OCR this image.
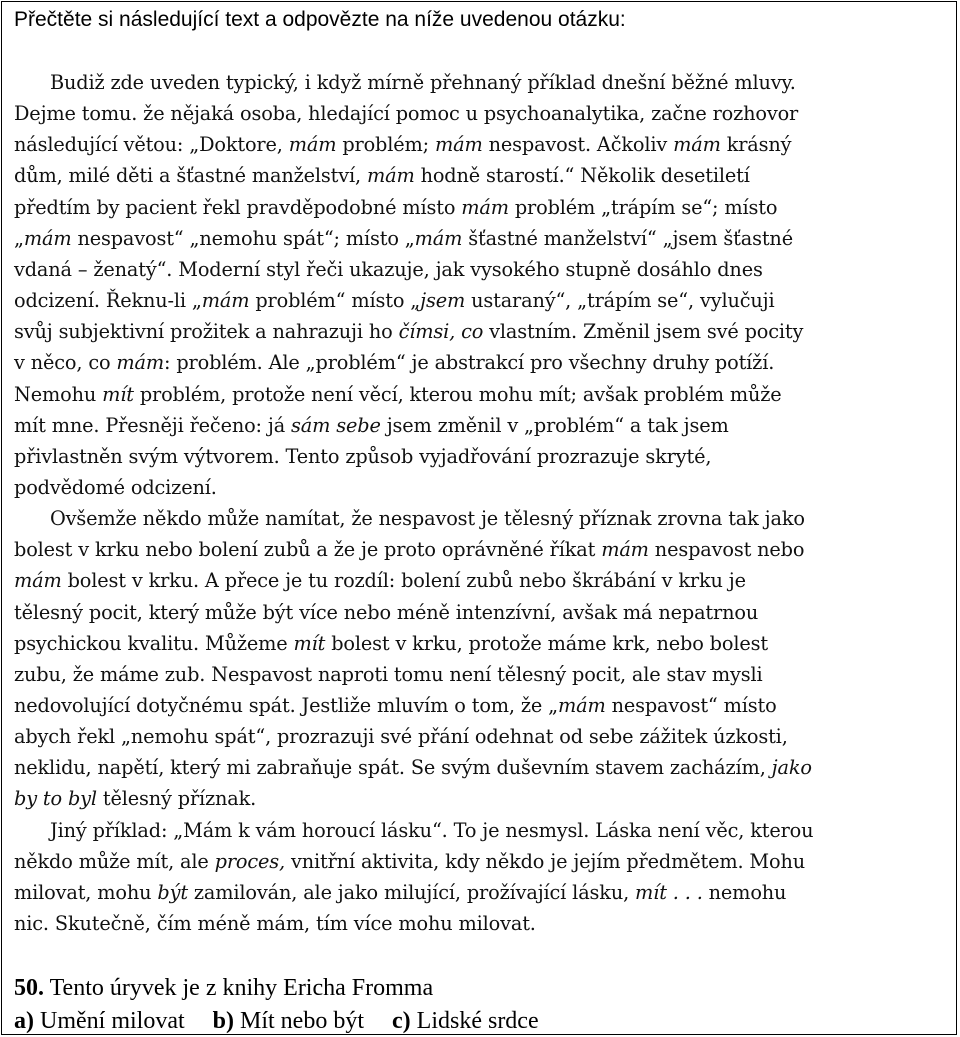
Přečtěte si následující text a odpovězte na níže uvedenou otázku:
Budiž zde uveden typický, i když mírně přehnaný příklad dnešní běžné mluvy.
Dejme tomu. že nějaká osoba, hledající pomoc u psychoanalytika, začne rozhovor
následující větou: „Doktore, mám problém; mám nespavost. Ačkoliv mám krásný
dům, milé děti a šťastné manželství, mám hodně starostí.“ Několik desetiletí
předtím by pacient řekl pravděpodobné místo mám problém „trápím se“; místo
„mám nespavost“ „nemohu spát“; místo „mám šťastné manželství“ „jsem šťastné
vdaná – ženatý“. Moderní styl řeči ukazuje, jak vysokého stupně dosáhlo dnes
odcizení. Řeknu-li „mám problém“ místo „jsem ustaraný“, „trápím se“, vylučuji
svůj subjektivní prožitek a nahrazuji ho čímsi, co vlastním. Změnil jsem své pocity
v něco, co mám: problém. Ale „problém“ je abstrakcí pro všechny druhy potíží.
Nemohu mít problém, protože není věcí, kterou mohu mít; avšak problém může
mít mne. Přesněji řečeno: já sám sebe jsem změnil v „problém“ a tak jsem
přivlastněn svým výtvorem. Tento způsob vyjadřování prozrazuje skryté,
podvědomé odcizení.
Ovšemže někdo může namítat, že nespavost je tělesný příznak zrovna tak jako
bolest v krku nebo bolení zubů a že je proto oprávněné říkat mám nespavost nebo
mám bolest v krku. A přece je tu rozdíl: bolení zubů nebo škrábání v krku je
tělesný pocit, který může být více nebo méně intenzívní, avšak má nepatrnou
psychickou kvalitu. Můžeme mít bolest v krku, protože máme krk, nebo bolest
zubu, že máme zub. Nespavost naproti tomu není tělesný pocit, ale stav mysli
nedovolující dotyčnému spát. Jestliže mluvím o tom, že „mám nespavost“ místo
abych řekl „nemohu spát“, prozrazuji své přání odehnat od sebe zážitek úzkosti,
neklidu, napětí, který mi zabraňuje spát. Se svým duševním stavem zacházím, jako
by to byl tělesný příznak.
Jiný příklad: „Mám k vám horoucí lásku“. To je nesmysl. Láska není věc, kterou
někdo může mít, ale proces, vnitřní aktivita, kdy někdo je jejím předmětem. Mohu
milovat, mohu být zamilován, ale jako milující, prožívající lásku, mít . . . nemohu
nic. Skutečně, čím méně mám, tím více mohu milovat.
50. Tento úryvek je z knihy Ericha Fromma
a) Umění milovat b) Mít nebo být c) Lidské srdce
